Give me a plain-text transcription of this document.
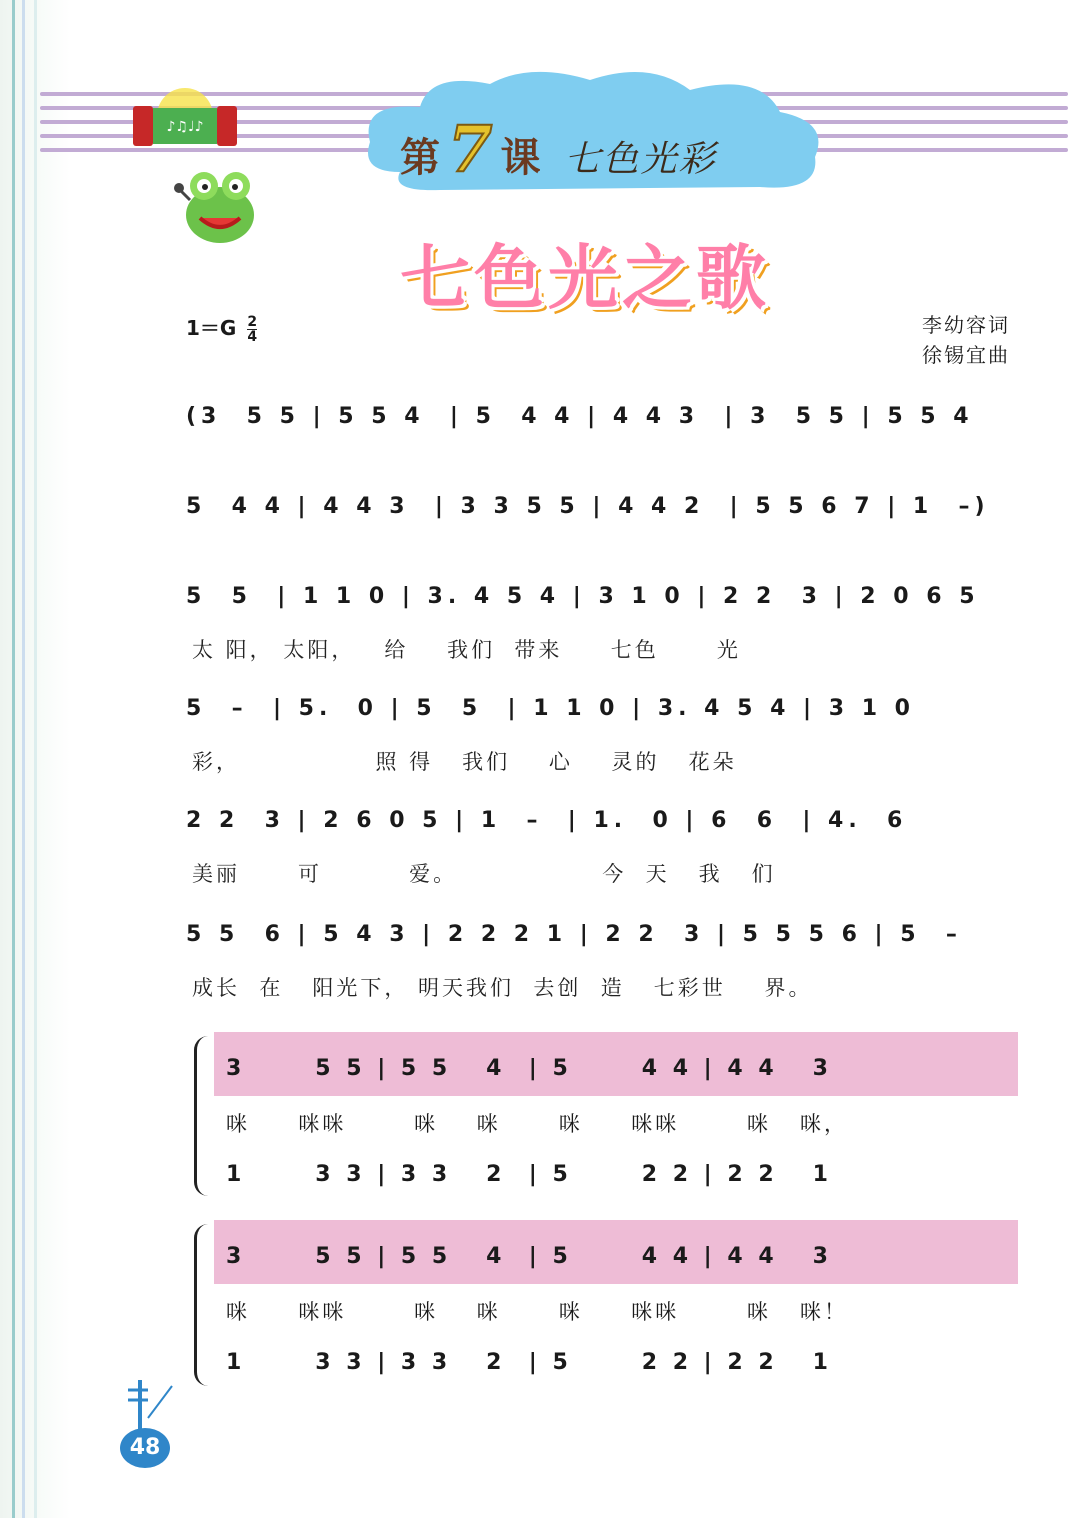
♪♫♩♪
第7 课 七色光彩
七色光之歌
$1=G \frac{2}{4}$	李幼容词
徐锡宜曲
(3  5 5 | 5 5 4  | 5  4 4 | 4 4 3  | 3  5 5 | 5 5 4
5  4 4 | 4 4 3  | 3 3 5 5 | 4 4 2  | 5 5 6 7 | 1  –)
5  5  | 1 1 0 | 3. 4 5 4 | 3 1 0 | 2 2  3 | 2 0 6 5
太 阳， 太阳，   给    我们  带来     七色      光
5  –  | 5.  0 | 5  5  | 1 1 0 | 3. 4 5 4 | 3 1 0
彩，              照 得   我们    心    灵的   花朵
2 2  3 | 2 6 0 5 | 1  –  | 1.  0 | 6  6  | 4.  6
美丽      可         爱。               今  天   我   们
5 5  6 | 5 4 3 | 2 2 2 1 | 2 2  3 | 5 5 5 6 | 5  –
成长  在   阳光下， 明天我们  去创  造   七彩世    界。
3      5 5 | 5 5   4  | 5      4 4 | 4 4   3
咪     咪咪       咪    咪      咪     咪咪       咪   咪，
1      3 3 | 3 3   2  | 5      2 2 | 2 2   1
3      5 5 | 5 5   4  | 5      4 4 | 4 4   3
咪     咪咪       咪    咪      咪     咪咪       咪   咪！
1      3 3 | 3 3   2  | 5      2 2 | 2 2   1
48
